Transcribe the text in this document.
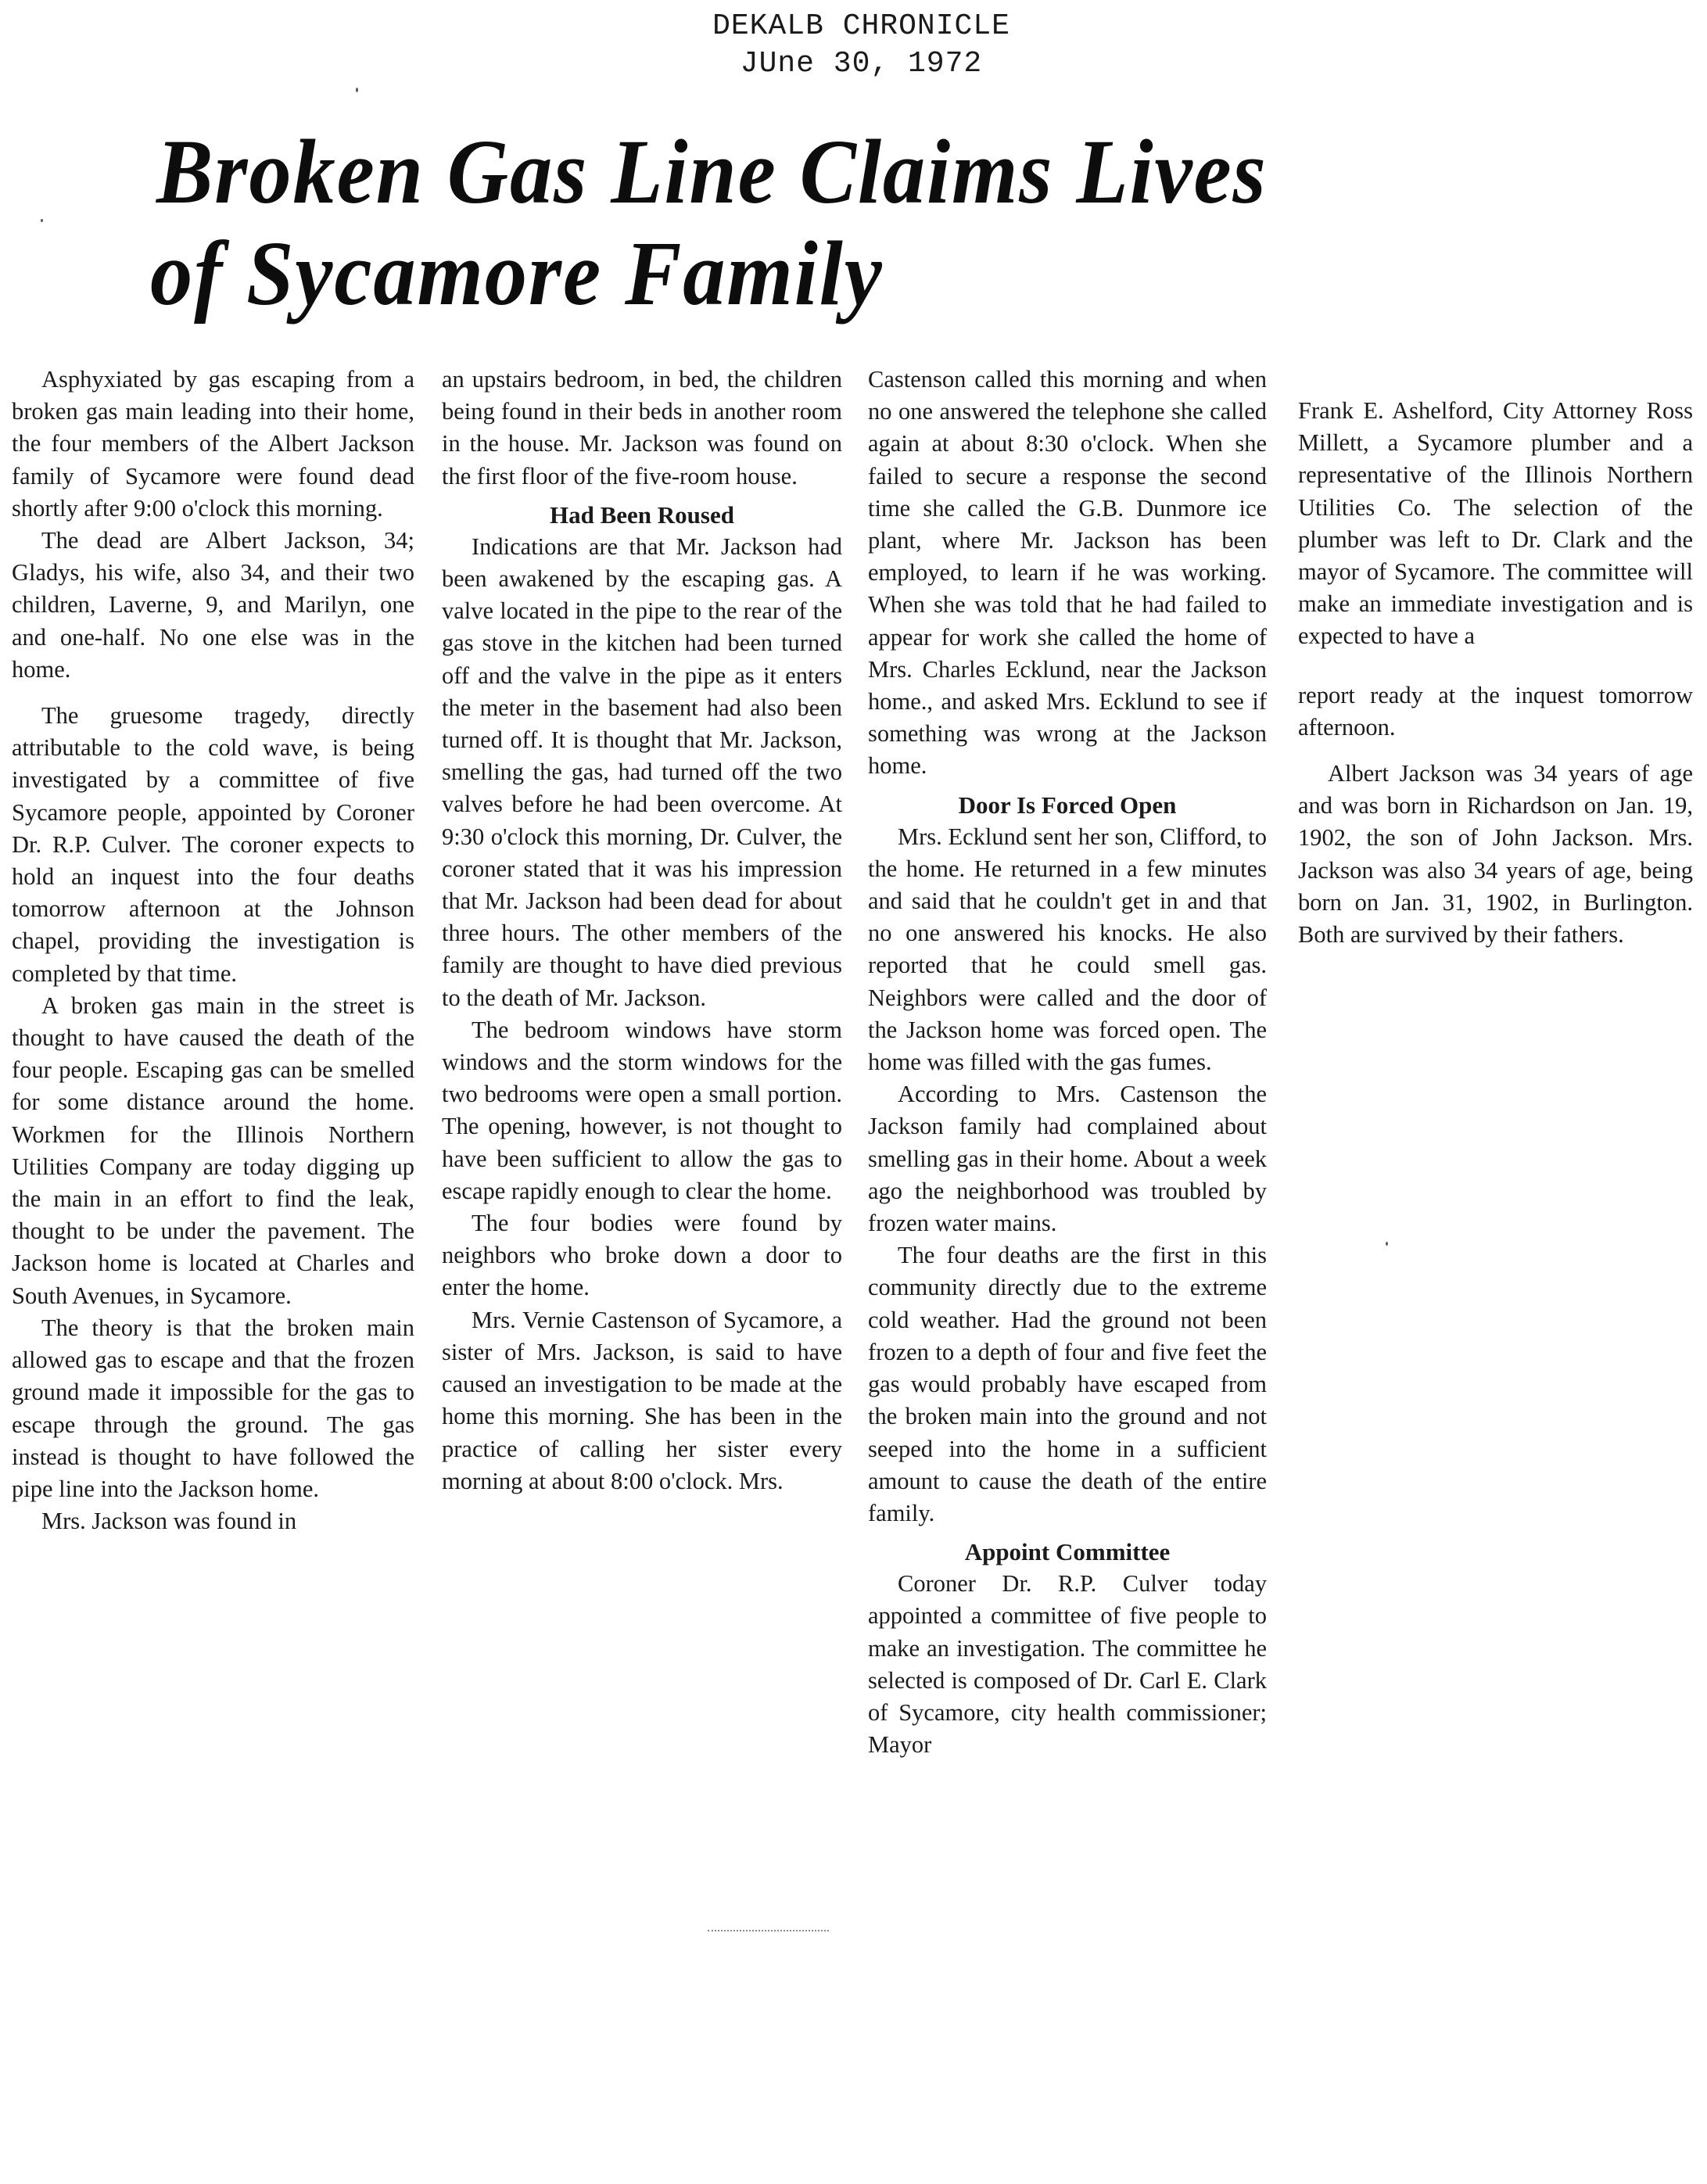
DEKALB CHRONICLE
JUne 30, 1972
Broken Gas Line Claims Lives
of Sycamore Family

Asphyxiated by gas escaping from a broken gas main leading into their home, the four members of the Albert Jackson family of Sycamore were found dead shortly after 9:00 o'clock this morning.

The dead are Albert Jackson, 34; Gladys, his wife, also 34, and their two children, Laverne, 9, and Marilyn, one and one-half. No one else was in the home.

The gruesome tragedy, directly attributable to the cold wave, is being investigated by a committee of five Sycamore people, appointed by Coroner Dr. R.P. Culver. The coroner expects to hold an inquest into the four deaths tomorrow afternoon at the Johnson chapel, providing the investigation is completed by that time.

A broken gas main in the street is thought to have caused the death of the four people. Escaping gas can be smelled for some distance around the home. Workmen for the Illinois Northern Utilities Company are today digging up the main in an effort to find the leak, thought to be under the pavement. The Jackson home is located at Charles and South Avenues, in Sycamore.

The theory is that the broken main allowed gas to escape and that the frozen ground made it impossible for the gas to escape through the ground. The gas instead is thought to have followed the pipe line into the Jackson home.

Mrs. Jackson was found in

an upstairs bedroom, in bed, the children being found in their beds in another room in the house. Mr. Jackson was found on the first floor of the five-room house.

Had Been Roused

Indications are that Mr. Jackson had been awakened by the escaping gas. A valve located in the pipe to the rear of the gas stove in the kitchen had been turned off and the valve in the pipe as it enters the meter in the basement had also been turned off. It is thought that Mr. Jackson, smelling the gas, had turned off the two valves before he had been overcome. At 9:30 o'clock this morning, Dr. Culver, the coroner stated that it was his impression that Mr. Jackson had been dead for about three hours. The other members of the family are thought to have died previous to the death of Mr. Jackson.

The bedroom windows have storm windows and the storm windows for the two bedrooms were open a small portion. The opening, however, is not thought to have been sufficient to allow the gas to escape rapidly enough to clear the home.

The four bodies were found by neighbors who broke down a door to enter the home.

Mrs. Vernie Castenson of Sycamore, a sister of Mrs. Jackson, is said to have caused an investigation to be made at the home this morning. She has been in the practice of calling her sister every morning at about 8:00 o'clock. Mrs.

Castenson called this morning and when no one answered the telephone she called again at about 8:30 o'clock. When she failed to secure a response the second time she called the G.B. Dunmore ice plant, where Mr. Jackson has been employed, to learn if he was working. When she was told that he had failed to appear for work she called the home of Mrs. Charles Ecklund, near the Jackson home., and asked Mrs. Ecklund to see if something was wrong at the Jackson home.

Door Is Forced Open

Mrs. Ecklund sent her son, Clifford, to the home. He returned in a few minutes and said that he couldn't get in and that no one answered his knocks. He also reported that he could smell gas. Neighbors were called and the door of the Jackson home was forced open. The home was filled with the gas fumes.

According to Mrs. Castenson the Jackson family had complained about smelling gas in their home. About a week ago the neighborhood was troubled by frozen water mains.

The four deaths are the first in this community directly due to the extreme cold weather. Had the ground not been frozen to a depth of four and five feet the gas would probably have escaped from the broken main into the ground and not seeped into the home in a sufficient amount to cause the death of the entire family.

Appoint Committee

Coroner Dr. R.P. Culver today appointed a committee of five people to make an investigation. The committee he selected is composed of Dr. Carl E. Clark of Sycamore, city health commissioner; Mayor

Frank E. Ashelford, City Attorney Ross Millett, a Sycamore plumber and a representative of the Illinois Northern Utilities Co. The selection of the plumber was left to Dr. Clark and the mayor of Sycamore. The committee will make an immediate investigation and is expected to have a

report ready at the inquest tomorrow afternoon.

Albert Jackson was 34 years of age and was born in Richardson on Jan. 19, 1902, the son of John Jackson. Mrs. Jackson was also 34 years of age, being born on Jan. 31, 1902, in Burlington. Both are survived by their fathers.
